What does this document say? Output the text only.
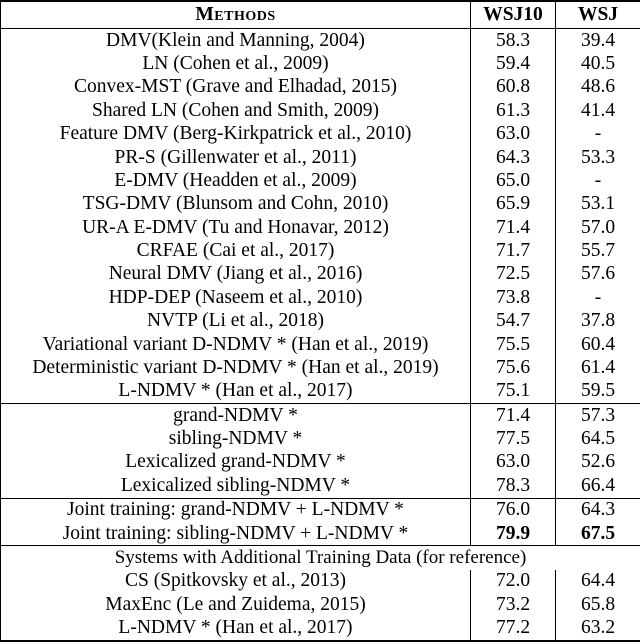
Methods	WSJ10	WSJ
DMV(Klein and Manning, 2004)	58.3	39.4
LN (Cohen et al., 2009)	59.4	40.5
Convex-MST (Grave and Elhadad, 2015)	60.8	48.6
Shared LN (Cohen and Smith, 2009)	61.3	41.4
Feature DMV (Berg-Kirkpatrick et al., 2010)	63.0	-
PR-S (Gillenwater et al., 2011)	64.3	53.3
E-DMV (Headden et al., 2009)	65.0	-
TSG-DMV (Blunsom and Cohn, 2010)	65.9	53.1
UR-A E-DMV (Tu and Honavar, 2012)	71.4	57.0
CRFAE (Cai et al., 2017)	71.7	55.7
Neural DMV (Jiang et al., 2016)	72.5	57.6
HDP-DEP (Naseem et al., 2010)	73.8	-
NVTP (Li et al., 2018)	54.7	37.8
Variational variant D-NDMV * (Han et al., 2019)	75.5	60.4
Deterministic variant D-NDMV * (Han et al., 2019)	75.6	61.4
L-NDMV * (Han et al., 2017)	75.1	59.5
grand-NDMV *	71.4	57.3
sibling-NDMV *	77.5	64.5
Lexicalized grand-NDMV *	63.0	52.6
Lexicalized sibling-NDMV *	78.3	66.4
Joint training: grand-NDMV + L-NDMV *	76.0	64.3
Joint training: sibling-NDMV + L-NDMV *	79.9	67.5
Systems with Additional Training Data (for reference)		
CS (Spitkovsky et al., 2013)	72.0	64.4
MaxEnc (Le and Zuidema, 2015)	73.2	65.8
L-NDMV * (Han et al., 2017)	77.2	63.2
